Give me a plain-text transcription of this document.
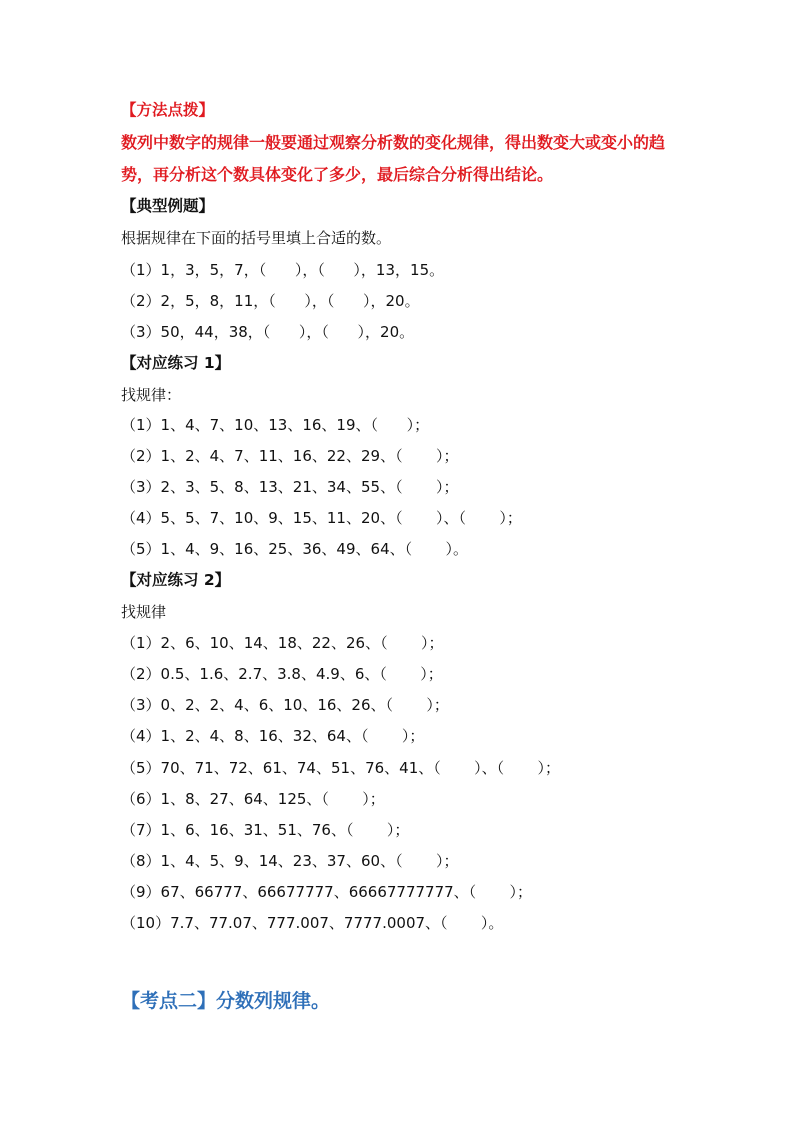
【方法点拨】
数列中数字的规律一般要通过观察分析数的变化规律，得出数变大或变小的趋
势，再分析这个数具体变化了多少，最后综合分析得出结论。
【典型例题】
根据规律在下面的括号里填上合适的数。
（1）1，3，5，7，（      ），（      ），13，15。
（2）2，5，8，11，（      ），（      ），20。
（3）50，44，38，（      ），（      ），20。
【对应练习 1】
找规律：
（1）1、4、7、10、13、16、19、（      ）；
（2）1、2、4、7、11、16、22、29、（       ）；
（3）2、3、5、8、13、21、34、55、（       ）；
（4）5、5、7、10、9、15、11、20、（       ）、（       ）；
（5）1、4、9、16、25、36、49、64、（       ）。
【对应练习 2】
找规律
（1）2、6、10、14、18、22、26、（       ）；
（2）0.5、1.6、2.7、3.8、4.9、6、（       ）；
（3）0、2、2、4、6、10、16、26、（       ）；
（4）1、2、4、8、16、32、64、（       ）；
（5）70、71、72、61、74、51、76、41、（       ）、（       ）；
（6）1、8、27、64、125、（       ）；
（7）1、6、16、31、51、76、（       ）；
（8）1、4、5、9、14、23、37、60、（       ）；
（9）67、66777、66677777、66667777777、（       ）；
（10）7.7、77.07、777.007、7777.0007、（       ）。
【考点二】分数列规律。
